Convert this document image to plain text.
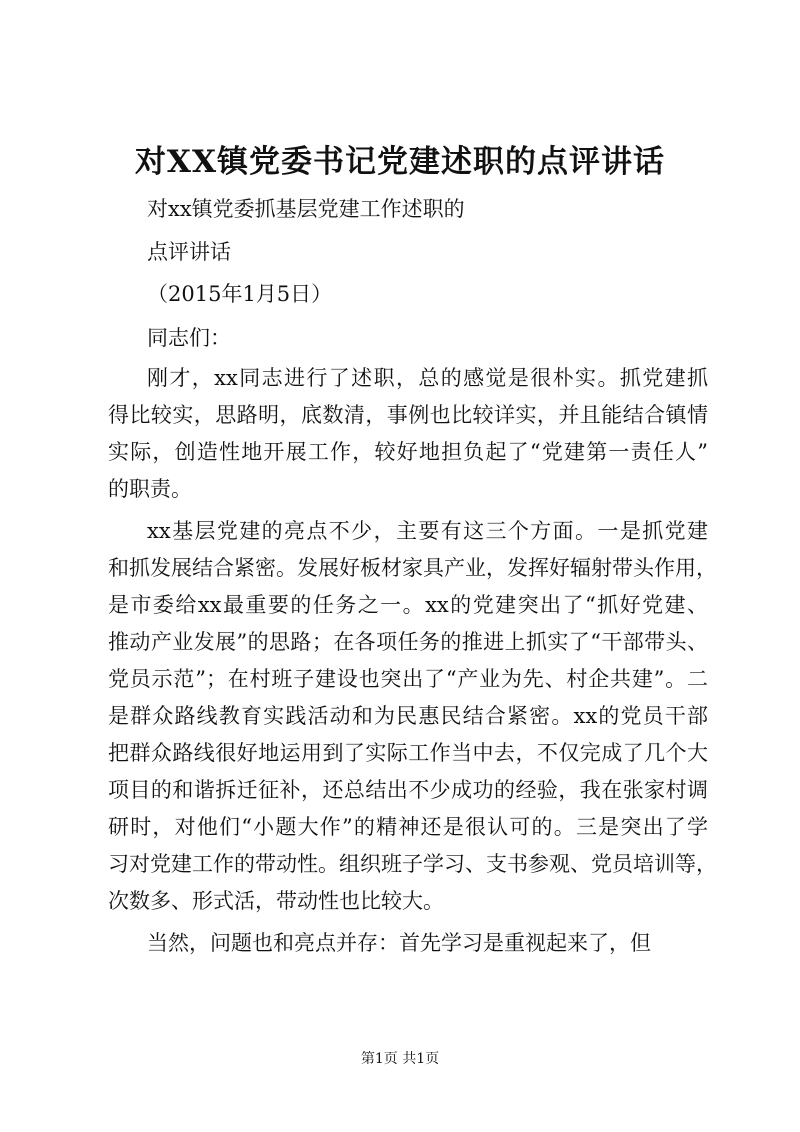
对XX镇党委书记党建述职的点评讲话

对xx镇党委抓基层党建工作述职的

点评讲话

（2015年1月5日）

同志们：

刚才，xx同志进行了述职，总的感觉是很朴实。抓党建抓

得比较实，思路明，底数清，事例也比较详实，并且能结合镇情

实际，创造性地开展工作，较好地担负起了“党建第一责任人”

的职责。

xx基层党建的亮点不少，主要有这三个方面。一是抓党建

和抓发展结合紧密。发展好板材家具产业，发挥好辐射带头作用，

是市委给xx最重要的任务之一。xx的党建突出了“抓好党建、

推动产业发展”的思路；在各项任务的推进上抓实了“干部带头、

党员示范”；在村班子建设也突出了“产业为先、村企共建”。二

是群众路线教育实践活动和为民惠民结合紧密。xx的党员干部

把群众路线很好地运用到了实际工作当中去，不仅完成了几个大

项目的和谐拆迁征补，还总结出不少成功的经验，我在张家村调

研时，对他们“小题大作”的精神还是很认可的。三是突出了学

习对党建工作的带动性。组织班子学习、支书参观、党员培训等，

次数多、形式活，带动性也比较大。

当然，问题也和亮点并存：首先学习是重视起来了，但

第1页 共1页
